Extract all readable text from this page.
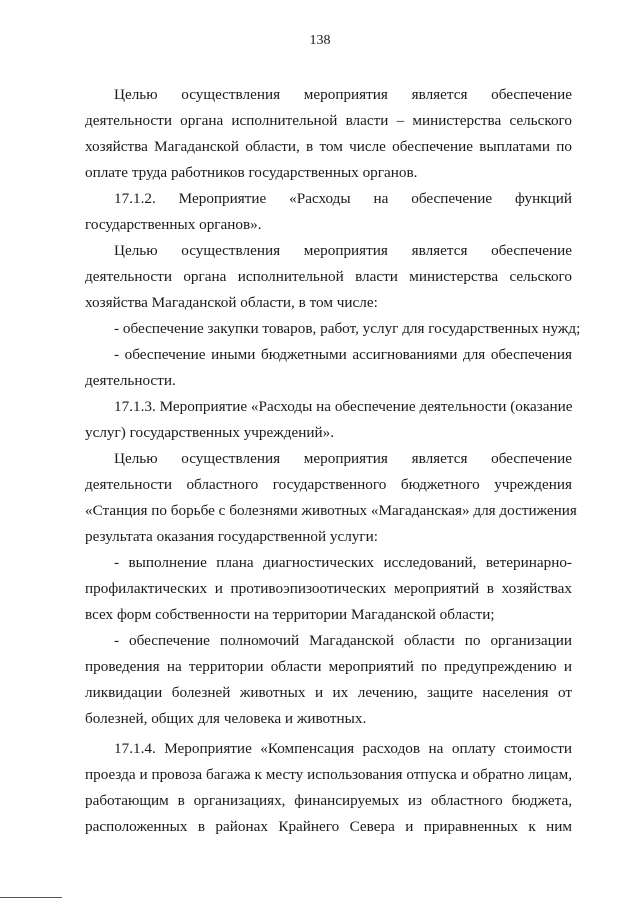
138
Целью осуществления мероприятия является обеспечение
деятельности органа исполнительной власти – министерства сельского
хозяйства Магаданской области, в том числе обеспечение выплатами по
оплате труда работников государственных органов.
17.1.2. Мероприятие «Расходы на обеспечение функций
государственных органов».
Целью осуществления мероприятия является обеспечение
деятельности органа исполнительной власти министерства сельского
хозяйства Магаданской области, в том числе:
- обеспечение закупки товаров, работ, услуг для государственных нужд;
- обеспечение иными бюджетными ассигнованиями для обеспечения
деятельности.
17.1.3. Мероприятие «Расходы на обеспечение деятельности (оказание
услуг) государственных учреждений».
Целью осуществления мероприятия является обеспечение
деятельности областного государственного бюджетного учреждения
«Станция по борьбе с болезнями животных «Магаданская» для достижения
результата оказания государственной услуги:
- выполнение плана диагностических исследований, ветеринарно-
профилактических и противоэпизоотических мероприятий в хозяйствах
всех форм собственности на территории Магаданской области;
- обеспечение полномочий Магаданской области по организации
проведения на территории области мероприятий по предупреждению и
ликвидации болезней животных и их лечению, защите населения от
болезней, общих для человека и животных.
17.1.4. Мероприятие «Компенсация расходов на оплату стоимости
проезда и провоза багажа к месту использования отпуска и обратно лицам,
работающим в организациях, финансируемых из областного бюджета,
расположенных в районах Крайнего Севера и приравненных к ним
